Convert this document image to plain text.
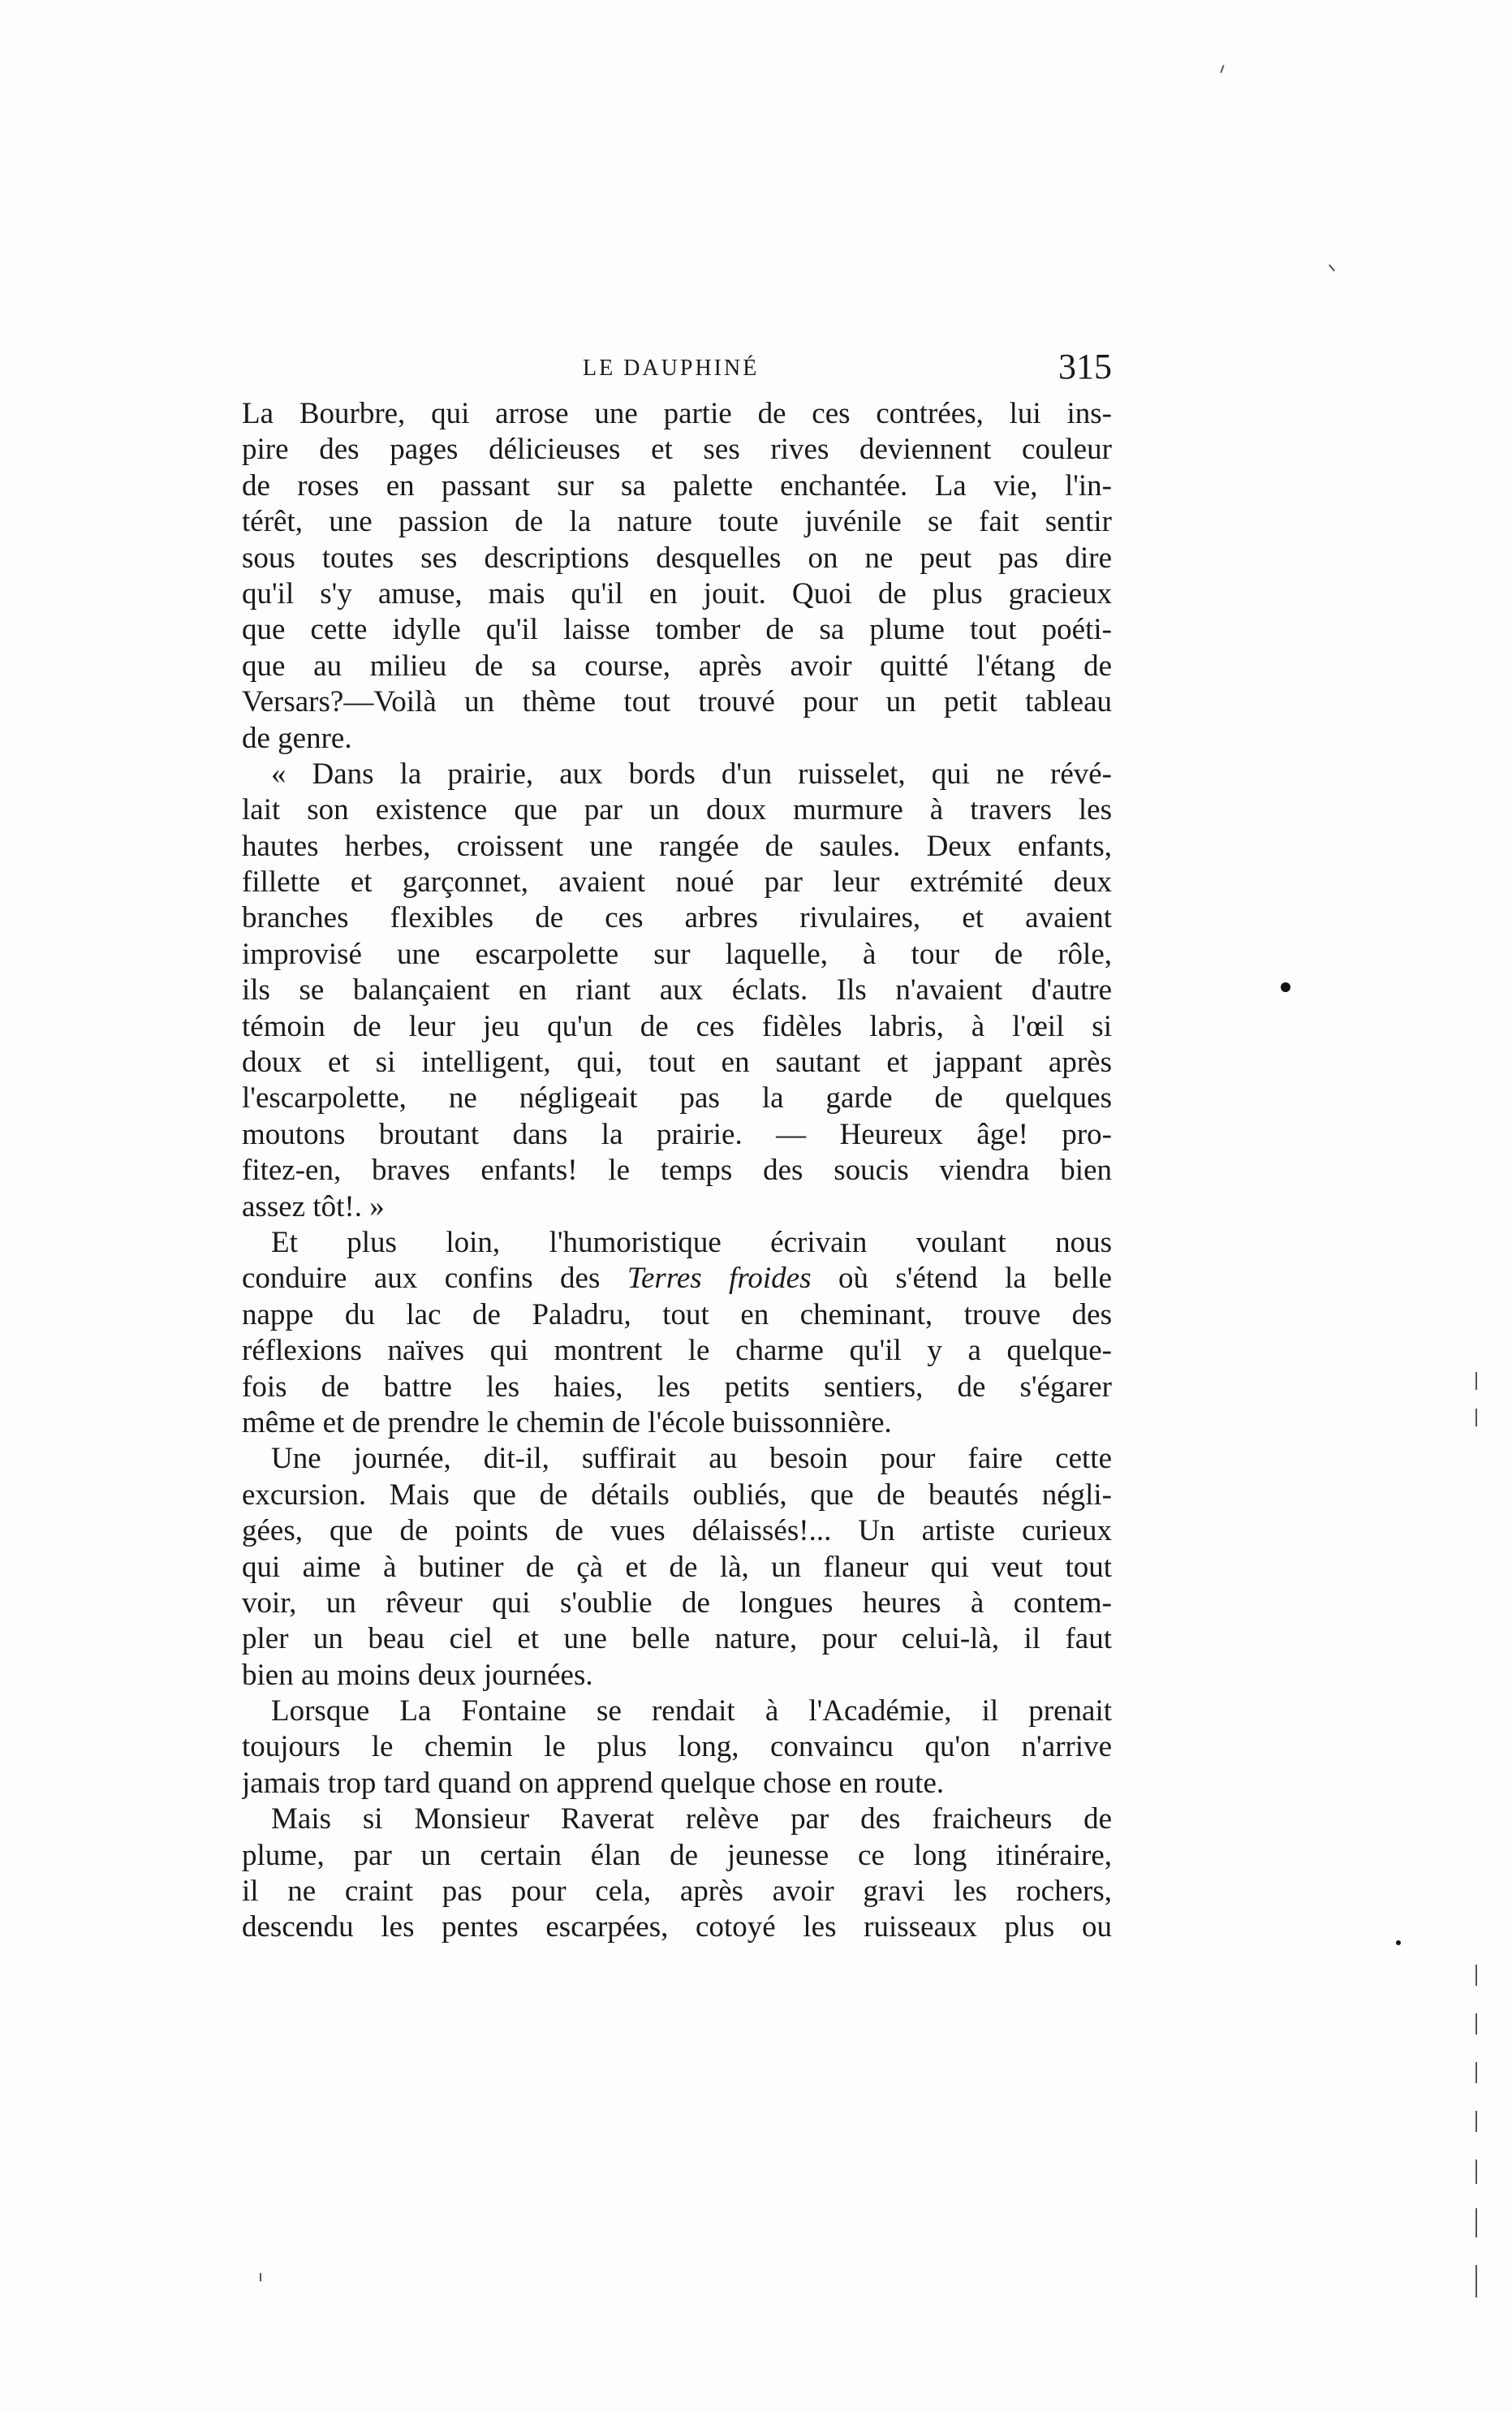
LE DAUPHINÉ	315
La Bourbre, qui arrose une partie de ces contrées, lui ins-
pire des pages délicieuses et ses rives deviennent couleur
de roses en passant sur sa palette enchantée. La vie, l'in-
térêt, une passion de la nature toute juvénile se fait sentir
sous toutes ses descriptions desquelles on ne peut pas dire
qu'il s'y amuse, mais qu'il en jouit. Quoi de plus gracieux
que cette idylle qu'il laisse tomber de sa plume tout poéti-
que au milieu de sa course, après avoir quitté l'étang de
Versars?—Voilà un thème tout trouvé pour un petit tableau
de genre.
« Dans la prairie, aux bords d'un ruisselet, qui ne révé-
lait son existence que par un doux murmure à travers les
hautes herbes, croissent une rangée de saules. Deux enfants,
fillette et garçonnet, avaient noué par leur extrémité deux
branches flexibles de ces arbres rivulaires, et avaient
improvisé une escarpolette sur laquelle, à tour de rôle,
ils se balançaient en riant aux éclats. Ils n'avaient d'autre
témoin de leur jeu qu'un de ces fidèles labris, à l'œil si
doux et si intelligent, qui, tout en sautant et jappant après
l'escarpolette, ne négligeait pas la garde de quelques
moutons broutant dans la prairie. — Heureux âge! pro-
fitez-en, braves enfants! le temps des soucis viendra bien
assez tôt!. »
Et plus loin, l'humoristique écrivain voulant nous
conduire aux confins des Terres froides où s'étend la belle
nappe du lac de Paladru, tout en cheminant, trouve des
réflexions naïves qui montrent le charme qu'il y a quelque-
fois de battre les haies, les petits sentiers, de s'égarer
même et de prendre le chemin de l'école buissonnière.
Une journée, dit-il, suffirait au besoin pour faire cette
excursion. Mais que de détails oubliés, que de beautés négli-
gées, que de points de vues délaissés!... Un artiste curieux
qui aime à butiner de çà et de là, un flaneur qui veut tout
voir, un rêveur qui s'oublie de longues heures à contem-
pler un beau ciel et une belle nature, pour celui-là, il faut
bien au moins deux journées.
Lorsque La Fontaine se rendait à l'Académie, il prenait
toujours le chemin le plus long, convaincu qu'on n'arrive
jamais trop tard quand on apprend quelque chose en route.
Mais si Monsieur Raverat relève par des fraicheurs de
plume, par un certain élan de jeunesse ce long itinéraire,
il ne craint pas pour cela, après avoir gravi les rochers,
descendu les pentes escarpées, cotoyé les ruisseaux plus ou
